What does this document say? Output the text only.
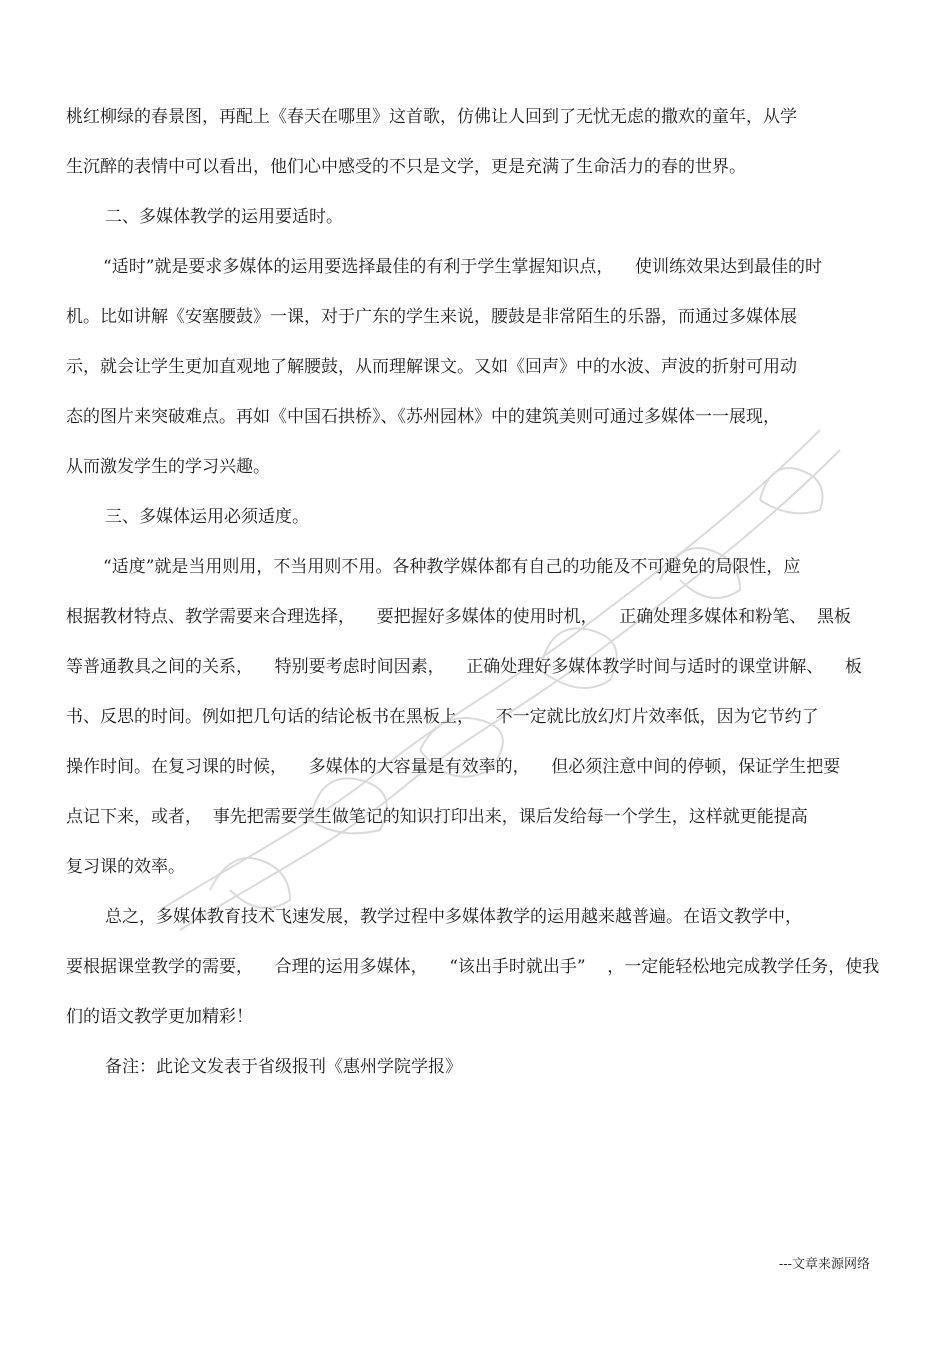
桃红柳绿的春景图，再配上《春天在哪里》这首歌，仿佛让人回到了无忧无虑的撒欢的童年，从学
生沉醉的表情中可以看出，他们心中感受的不只是文学，更是充满了生命活力的春的世界。
二、多媒体教学的运用要适时。
“适时”就是要求多媒体的运用要选择最佳的有利于学生掌握知识点，    使训练效果达到最佳的时
机。比如讲解《安塞腰鼓》一课，对于广东的学生来说，腰鼓是非常陌生的乐器，而通过多媒体展
示，就会让学生更加直观地了解腰鼓，从而理解课文。又如《回声》中的水波、声波的折射可用动
态的图片来突破难点。再如《中国石拱桥》、《苏州园林》中的建筑美则可通过多媒体一一展现，
从而激发学生的学习兴趣。
三、多媒体运用必须适度。
“适度”就是当用则用，不当用则不用。各种教学媒体都有自己的功能及不可避免的局限性，应
根据教材特点、教学需要来合理选择，    要把握好多媒体的使用时机，    正确处理多媒体和粉笔、  黑板
等普通教具之间的关系，    特别要考虑时间因素，    正确处理好多媒体教学时间与适时的课堂讲解、    板
书、反思的时间。例如把几句话的结论板书在黑板上，    不一定就比放幻灯片效率低，因为它节约了
操作时间。在复习课的时候，    多媒体的大容量是有效率的，    但必须注意中间的停顿，保证学生把要
点记下来，或者，  事先把需要学生做笔记的知识打印出来，课后发给每一个学生，这样就更能提高
复习课的效率。
总之，多媒体教育技术飞速发展，教学过程中多媒体教学的运用越来越普遍。在语文教学中，
要根据课堂教学的需要，    合理的运用多媒体，    “该出手时就出手”    ，一定能轻松地完成教学任务，使我
们的语文教学更加精彩！
备注：此论文发表于省级报刊《惠州学院学报》
---文章来源网络
